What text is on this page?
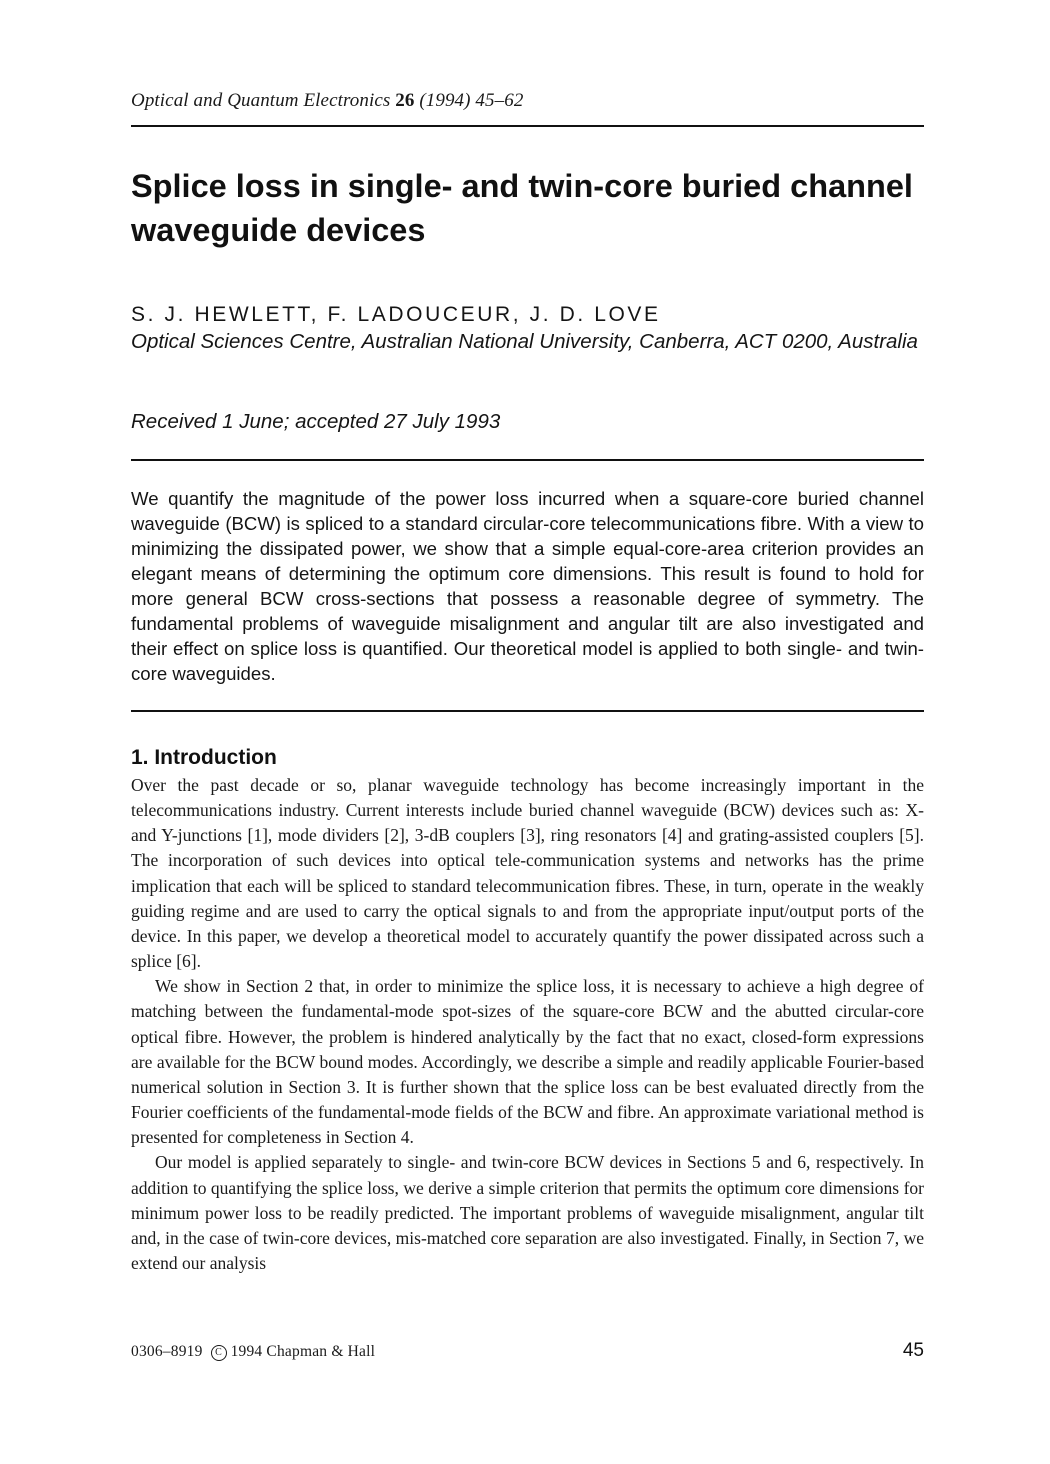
Optical and Quantum Electronics 26 (1994) 45–62
Splice loss in single- and twin-core buried channel waveguide devices
S. J. HEWLETT, F. LADOUCEUR, J. D. LOVE
Optical Sciences Centre, Australian National University, Canberra, ACT 0200, Australia
Received 1 June; accepted 27 July 1993

We quantify the magnitude of the power loss incurred when a square-core buried channel waveguide (BCW) is spliced to a standard circular-core telecommunications fibre. With a view to minimizing the dissipated power, we show that a simple equal-core-area criterion provides an elegant means of determining the optimum core dimensions. This result is found to hold for more general BCW cross-sections that possess a reasonable degree of symmetry. The fundamental problems of waveguide misalignment and angular tilt are also investigated and their effect on splice loss is quantified. Our theoretical model is applied to both single- and twin-core waveguides.

1. Introduction

Over the past decade or so, planar waveguide technology has become increasingly important in the telecommunications industry. Current interests include buried channel waveguide (BCW) devices such as: X- and Y-junctions [1], mode dividers [2], 3-dB couplers [3], ring resonators [4] and grating-assisted couplers [5]. The incorporation of such devices into optical tele-communication systems and networks has the prime implication that each will be spliced to standard telecommunication fibres. These, in turn, operate in the weakly guiding regime and are used to carry the optical signals to and from the appropriate input/output ports of the device. In this paper, we develop a theoretical model to accurately quantify the power dissipated across such a splice [6].

We show in Section 2 that, in order to minimize the splice loss, it is necessary to achieve a high degree of matching between the fundamental-mode spot-sizes of the square-core BCW and the abutted circular-core optical fibre. However, the problem is hindered analytically by the fact that no exact, closed-form expressions are available for the BCW bound modes. Accordingly, we describe a simple and readily applicable Fourier-based numerical solution in Section 3. It is further shown that the splice loss can be best evaluated directly from the Fourier coefficients of the fundamental-mode fields of the BCW and fibre. An approximate variational method is presented for completeness in Section 4.

Our model is applied separately to single- and twin-core BCW devices in Sections 5 and 6, respectively. In addition to quantifying the splice loss, we derive a simple criterion that permits the optimum core dimensions for minimum power loss to be readily predicted. The important problems of waveguide misalignment, angular tilt and, in the case of twin-core devices, mis-matched core separation are also investigated. Finally, in Section 7, we extend our analysis

0306–8919 C 1994 Chapman & Hall	45
